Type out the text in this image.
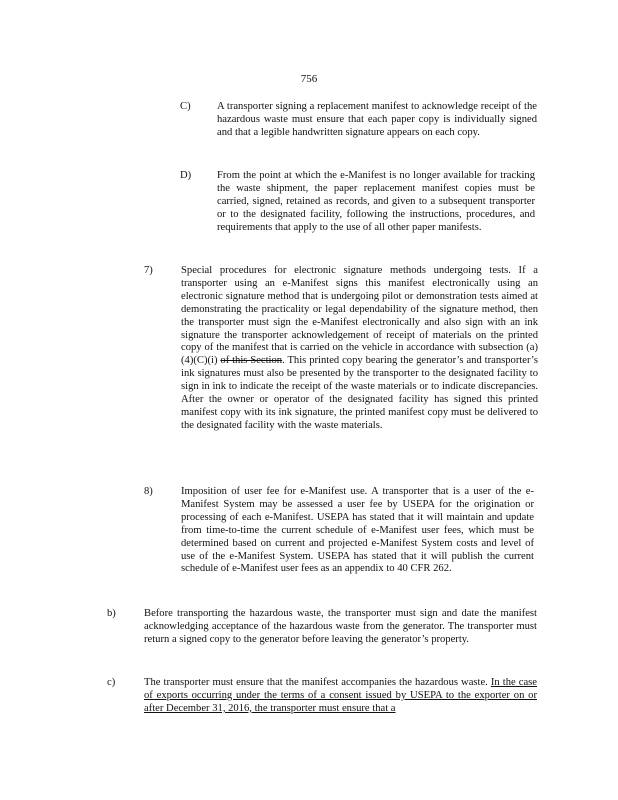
756
C) A transporter signing a replacement manifest to acknowledge receipt of the hazardous waste must ensure that each paper copy is individually signed and that a legible handwritten signature appears on each copy.
D) From the point at which the e-Manifest is no longer available for tracking the waste shipment, the paper replacement manifest copies must be carried, signed, retained as records, and given to a subsequent transporter or to the designated facility, following the instructions, procedures, and requirements that apply to the use of all other paper manifests.
7)	Special procedures for electronic signature methods undergoing tests. If a transporter using an e-Manifest signs this manifest electronically using an electronic signature method that is undergoing pilot or demonstration tests aimed at demonstrating the practicality or legal dependability of the signature method, then the transporter must sign the e-Manifest electronically and also sign with an ink signature the transporter acknowledgement of receipt of materials on the printed copy of the manifest that is carried on the vehicle in accordance with subsection (a)(4)(C)(i) of this Section. This printed copy bearing the generator’s and transporter’s ink signatures must also be presented by the transporter to the designated facility to sign in ink to indicate the receipt of the waste materials or to indicate discrepancies. After the owner or operator of the designated facility has signed this printed manifest copy with its ink signature, the printed manifest copy must be delivered to the designated facility with the waste materials.
8)	Imposition of user fee for e-Manifest use. A transporter that is a user of the e-Manifest System may be assessed a user fee by USEPA for the origination or processing of each e-Manifest. USEPA has stated that it will maintain and update from time-to-time the current schedule of e-Manifest user fees, which must be determined based on current and projected e-Manifest System costs and level of use of the e-Manifest System. USEPA has stated that it will publish the current schedule of e-Manifest user fees as an appendix to 40 CFR 262.
b)	Before transporting the hazardous waste, the transporter must sign and date the manifest acknowledging acceptance of the hazardous waste from the generator. The transporter must return a signed copy to the generator before leaving the generator’s property.
c)	The transporter must ensure that the manifest accompanies the hazardous waste. In the case of exports occurring under the terms of a consent issued by USEPA to the exporter on or after December 31, 2016, the transporter must ensure that a
